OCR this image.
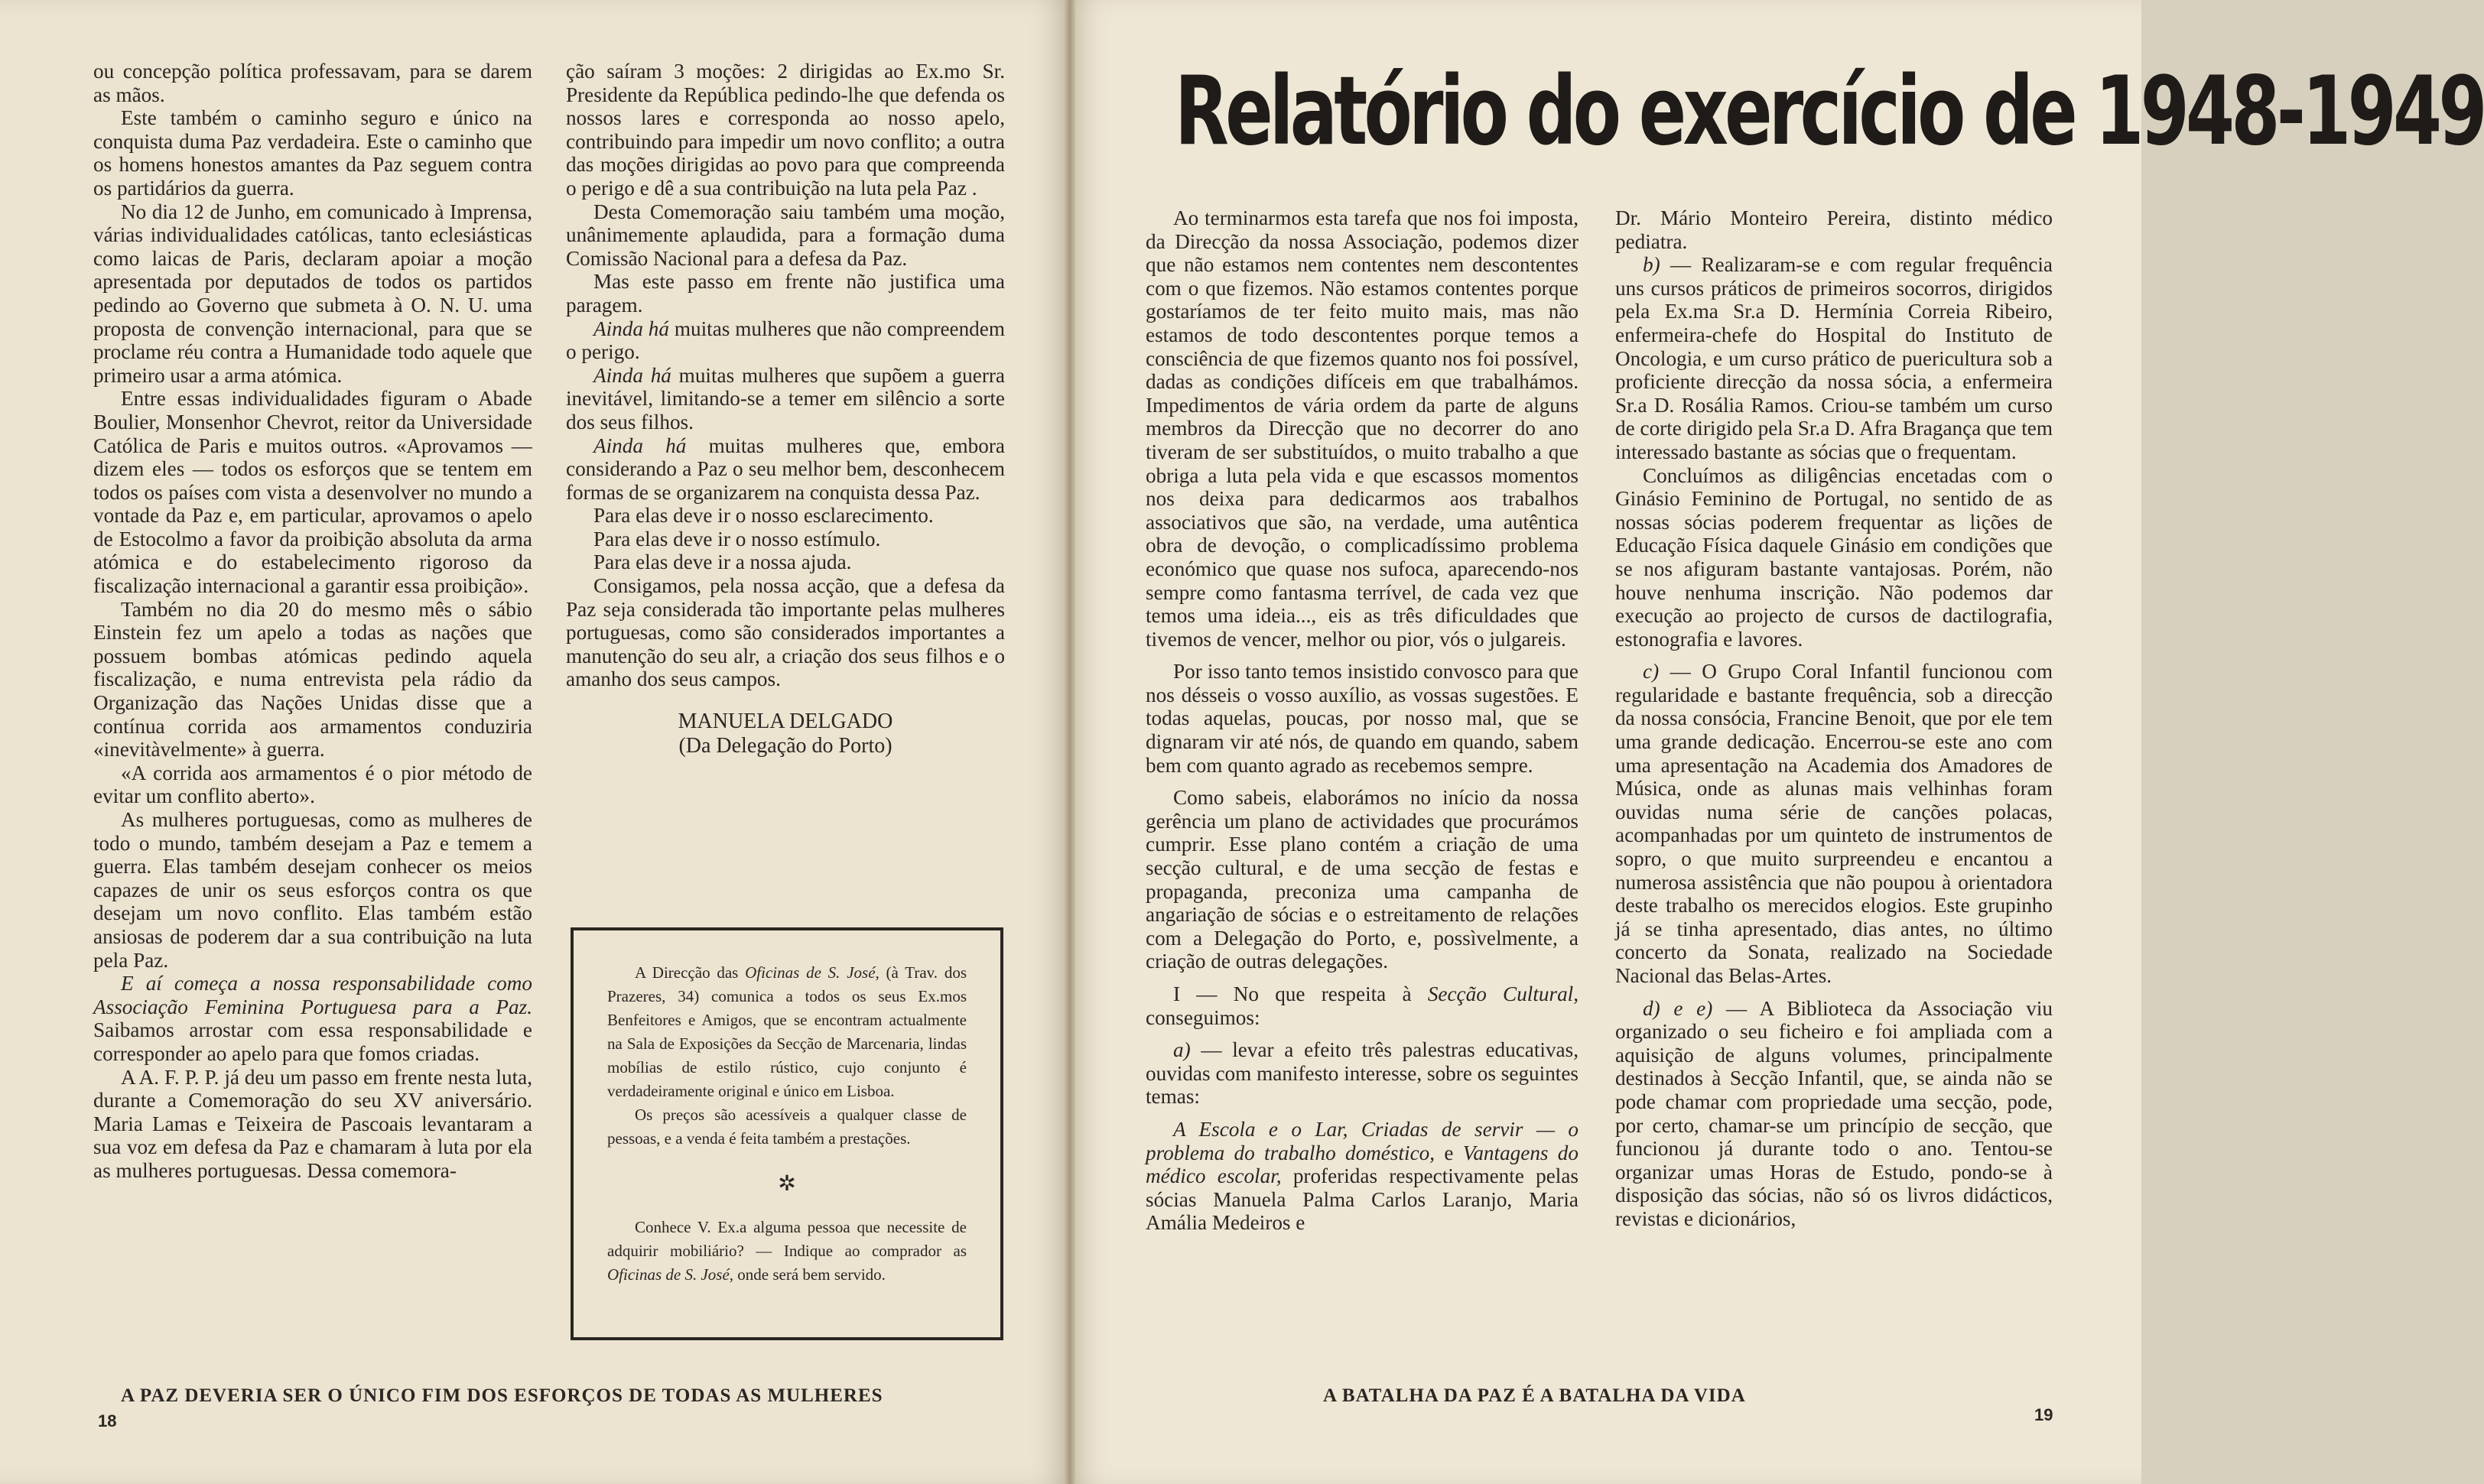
ou concepção política professavam, para se darem as mãos.

Este também o caminho seguro e único na conquista duma Paz verdadeira. Este o caminho que os homens honestos amantes da Paz seguem contra os partidários da guerra.

No dia 12 de Junho, em comunicado à Imprensa, várias individualidades católicas, tanto eclesiásticas como laicas de Paris, declaram apoiar a moção apresentada por deputados de todos os partidos pedindo ao Governo que submeta à O. N. U. uma proposta de convenção internacional, para que se proclame réu contra a Humanidade todo aquele que primeiro usar a arma atómica.

Entre essas individualidades figuram o Abade Boulier, Monsenhor Chevrot, reitor da Universidade Católica de Paris e muitos outros. «Aprovamos — dizem eles — todos os esforços que se tentem em todos os países com vista a desenvolver no mundo a vontade da Paz e, em particular, aprovamos o apelo de Estocolmo a favor da proibição absoluta da arma atómica e do estabelecimento rigoroso da fiscalização internacional a garantir essa proibição».

Também no dia 20 do mesmo mês o sábio Einstein fez um apelo a todas as nações que possuem bombas atómicas pedindo aquela fiscalização, e numa entrevista pela rádio da Organização das Nações Unidas disse que a contínua corrida aos armamentos conduziria «inevitàvelmente» à guerra.

«A corrida aos armamentos é o pior método de evitar um conflito aberto».

As mulheres portuguesas, como as mulheres de todo o mundo, também desejam a Paz e temem a guerra. Elas também desejam conhecer os meios capazes de unir os seus esforços contra os que desejam um novo conflito. Elas também estão ansiosas de poderem dar a sua contribuição na luta pela Paz.

E aí começa a nossa responsabilidade como Associação Feminina Portuguesa para a Paz. Saibamos arrostar com essa responsabilidade e corresponder ao apelo para que fomos criadas.

A A. F. P. P. já deu um passo em frente nesta luta, durante a Comemoração do seu XV aniversário. Maria Lamas e Teixeira de Pascoais levantaram a sua voz em defesa da Paz e chamaram à luta por ela as mulheres portuguesas. Dessa comemora-

ção saíram 3 moções: 2 dirigidas ao Ex.mo Sr. Presidente da República pedindo-lhe que defenda os nossos lares e corresponda ao nosso apelo, contribuindo para impedir um novo conflito; a outra das moções dirigidas ao povo para que compreenda o perigo e dê a sua contribuição na luta pela Paz .

Desta Comemoração saiu também uma moção, unânimemente aplaudida, para a formação duma Comissão Nacional para a defesa da Paz.

Mas este passo em frente não justifica uma paragem.

Ainda há muitas mulheres que não compreendem o perigo.

Ainda há muitas mulheres que supõem a guerra inevitável, limitando-se a temer em silêncio a sorte dos seus filhos.

Ainda há muitas mulheres que, embora considerando a Paz o seu melhor bem, desconhecem formas de se organizarem na conquista dessa Paz.

Para elas deve ir o nosso esclarecimento.

Para elas deve ir o nosso estímulo.

Para elas deve ir a nossa ajuda.

Consigamos, pela nossa acção, que a defesa da Paz seja considerada tão importante pelas mulheres portuguesas, como são considerados importantes a manutenção do seu alr, a criação dos seus filhos e o amanho dos seus campos.

MANUELA DELGADO
(Da Delegação do Porto)

A Direcção das Oficinas de S. José, (à Trav. dos Prazeres, 34) comunica a todos os seus Ex.mos Benfeitores e Amigos, que se encontram actualmente na Sala de Exposições da Secção de Marcenaria, lindas mobílias de estilo rústico, cujo conjunto é verdadeiramente original e único em Lisboa.

Os preços são acessíveis a qualquer classe de pessoas, e a venda é feita também a prestações.

✲

Conhece V. Ex.a alguma pessoa que necessite de adquirir mobiliário? — Indique ao comprador as Oficinas de S. José, onde será bem servido.

A PAZ DEVERIA SER O ÚNICO FIM DOS ESFORÇOS DE TODAS AS MULHERES
18
Relatório do exercício de 1948-1949

Ao terminarmos esta tarefa que nos foi imposta, da Direcção da nossa Associação, podemos dizer que não estamos nem contentes nem descontentes com o que fizemos. Não estamos contentes porque gostaríamos de ter feito muito mais, mas não estamos de todo descontentes porque temos a consciência de que fizemos quanto nos foi possível, dadas as condições difíceis em que trabalhámos. Impedimentos de vária ordem da parte de alguns membros da Direcção que no decorrer do ano tiveram de ser substituídos, o muito trabalho a que obriga a luta pela vida e que escassos momentos nos deixa para dedicarmos aos trabalhos associativos que são, na verdade, uma autêntica obra de devoção, o complicadíssimo problema económico que quase nos sufoca, aparecendo-nos sempre como fantasma terrível, de cada vez que temos uma ideia..., eis as três dificuldades que tivemos de vencer, melhor ou pior, vós o julgareis.

Por isso tanto temos insistido convosco para que nos désseis o vosso auxílio, as vossas sugestões. E todas aquelas, poucas, por nosso mal, que se dignaram vir até nós, de quando em quando, sabem bem com quanto agrado as recebemos sempre.

Como sabeis, elaborámos no início da nossa gerência um plano de actividades que procurámos cumprir. Esse plano contém a criação de uma secção cultural, e de uma secção de festas e propaganda, preconiza uma campanha de angariação de sócias e o estreitamento de relações com a Delegação do Porto, e, possìvelmente, a criação de outras delegações.

I — No que respeita à Secção Cultural, conseguimos:

a) — levar a efeito três palestras educativas, ouvidas com manifesto interesse, sobre os seguintes temas:

A Escola e o Lar, Criadas de servir — o problema do trabalho doméstico, e Vantagens do médico escolar, proferidas respectivamente pelas sócias Manuela Palma Carlos Laranjo, Maria Amália Medeiros e

Dr. Mário Monteiro Pereira, distinto médico pediatra.

b) — Realizaram-se e com regular frequência uns cursos práticos de primeiros socorros, dirigidos pela Ex.ma Sr.a D. Hermínia Correia Ribeiro, enfermeira-chefe do Hospital do Instituto de Oncologia, e um curso prático de puericultura sob a proficiente direcção da nossa sócia, a enfermeira Sr.a D. Rosália Ramos. Criou-se também um curso de corte dirigido pela Sr.a D. Afra Bragança que tem interessado bastante as sócias que o frequentam.

Concluímos as diligências encetadas com o Ginásio Feminino de Portugal, no sentido de as nossas sócias poderem frequentar as lições de Educação Física daquele Ginásio em condições que se nos afiguram bastante vantajosas. Porém, não houve nenhuma inscrição. Não podemos dar execução ao projecto de cursos de dactilografia, estonografia e lavores.

c) — O Grupo Coral Infantil funcionou com regularidade e bastante frequência, sob a direcção da nossa consócia, Francine Benoit, que por ele tem uma grande dedicação. Encerrou-se este ano com uma apresentação na Academia dos Amadores de Música, onde as alunas mais velhinhas foram ouvidas numa série de canções polacas, acompanhadas por um quinteto de instrumentos de sopro, o que muito surpreendeu e encantou a numerosa assistência que não poupou à orientadora deste trabalho os merecidos elogios. Este grupinho já se tinha apresentado, dias antes, no último concerto da Sonata, realizado na Sociedade Nacional das Belas-Artes.

d) e e) — A Biblioteca da Associação viu organizado o seu ficheiro e foi ampliada com a aquisição de alguns volumes, principalmente destinados à Secção Infantil, que, se ainda não se pode chamar com propriedade uma secção, pode, por certo, chamar-se um princípio de secção, que funcionou já durante todo o ano. Tentou-se organizar umas Horas de Estudo, pondo-se à disposição das sócias, não só os livros didácticos, revistas e dicionários,

A BATALHA DA PAZ É A BATALHA DA VIDA
19
